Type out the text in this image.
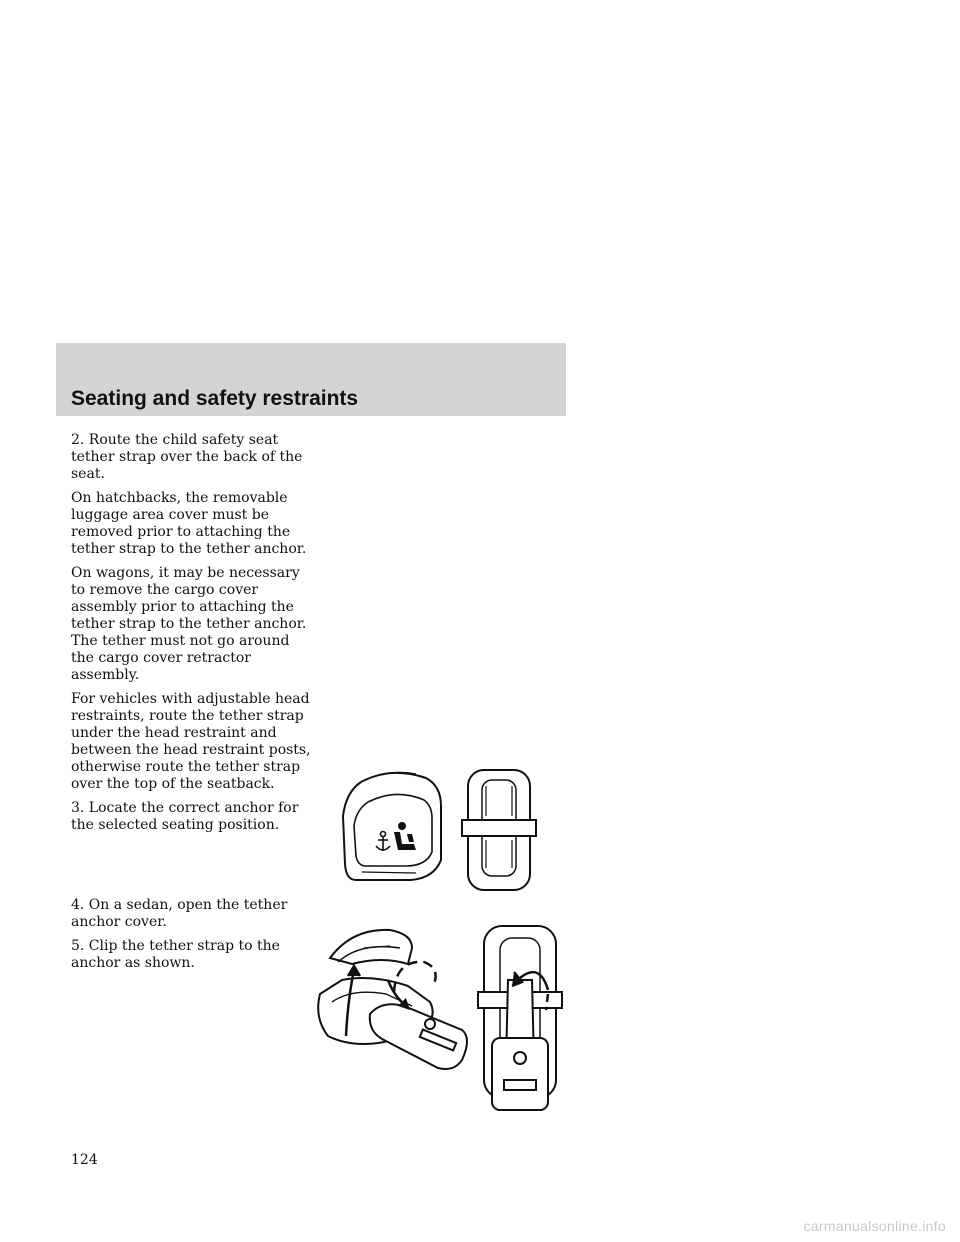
Seating and safety restraints

2. Route the child safety seat tether strap over the back of the seat.

On hatchbacks, the removable luggage area cover must be removed prior to attaching the tether strap to the tether anchor.

On wagons, it may be necessary to remove the cargo cover assembly prior to attaching the tether strap to the tether anchor. The tether must not go around the cargo cover retractor assembly.

For vehicles with adjustable head restraints, route the tether strap under the head restraint and between the head restraint posts, otherwise route the tether strap over the top of the seatback.

3. Locate the correct anchor for the selected seating position.

4. On a sedan, open the tether anchor cover.

5. Clip the tether strap to the anchor as shown.

124
carmanualsonline.info
